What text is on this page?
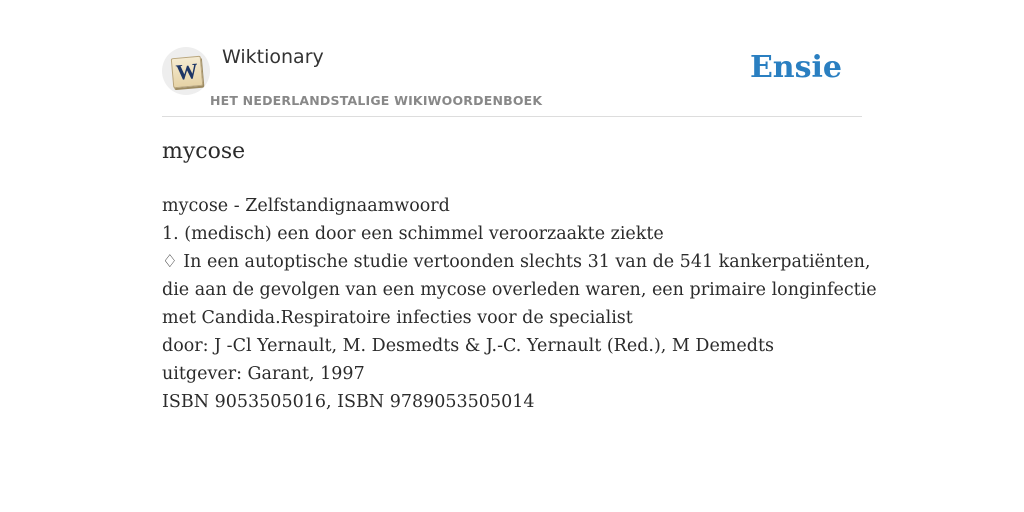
W
Wiktionary
HET NEDERLANDSTALIGE WIKIWOORDENBOEK
Ensie
mycose
mycose - Zelfstandignaamwoord
1. (medisch) een door een schimmel veroorzaakte ziekte
♢ In een autoptische studie vertoonden slechts 31 van de 541 kankerpatiënten,
die aan de gevolgen van een mycose overleden waren, een primaire longinfectie
met Candida.Respiratoire infecties voor de specialist
door: J -Cl Yernault, M. Desmedts & J.-C. Yernault (Red.), M Demedts
uitgever: Garant, 1997
ISBN 9053505016, ISBN 9789053505014
